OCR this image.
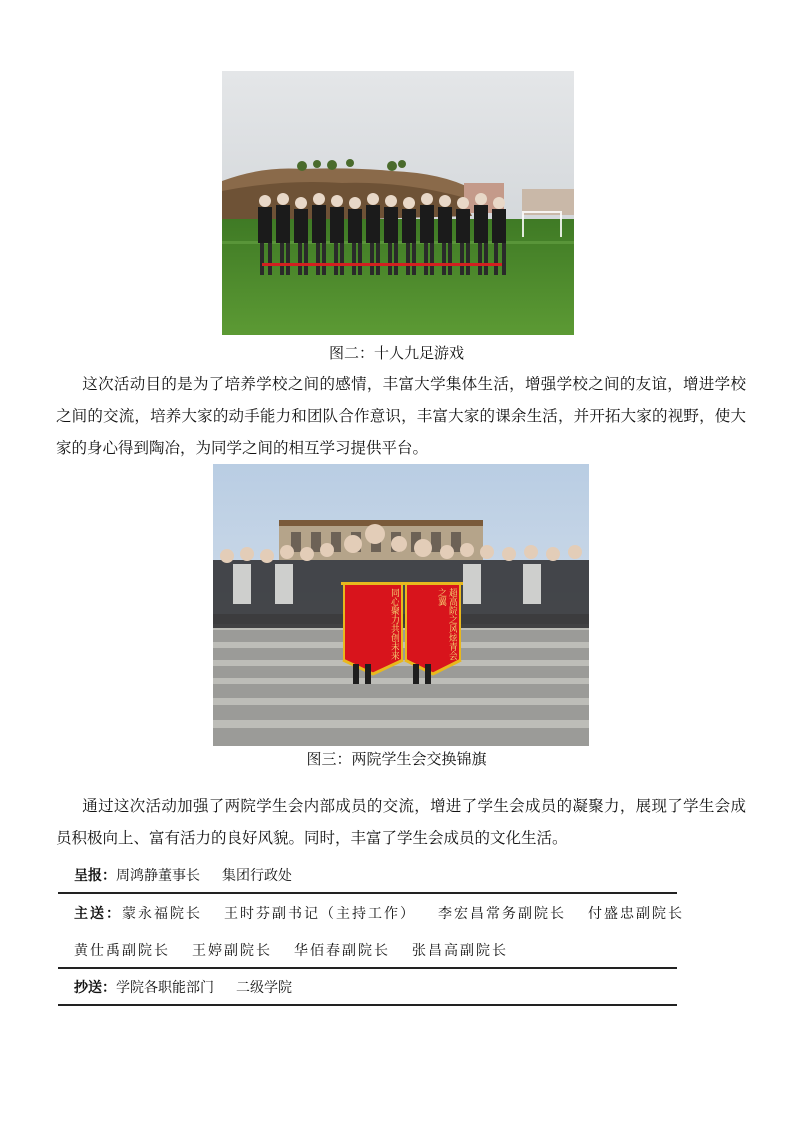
图二：十人九足游戏

这次活动目的是为了培养学校之间的感情，丰富大学集体生活，增强学校之间的友谊，增进学校之间的交流，培养大家的动手能力和团队合作意识，丰富大家的课余生活，并开拓大家的视野，使大家的身心得到陶冶，为同学之间的相互学习提供平台。

同心聚力共创未来	超高院之风炫青会之翼
图三：两院学生会交换锦旗

通过这次活动加强了两院学生会内部成员的交流，增进了学生会成员的凝聚力，展现了学生会成员积极向上、富有活力的良好风貌。同时，丰富了学生会成员的文化生活。

呈报：周鸿静董事长 集团行政处
主送：蒙永福院长 王时芬副书记（主持工作） 李宏昌常务副院长 付盛忠副院长
黄仕禹副院长 王婷副院长 华佰春副院长 张昌高副院长
抄送：学院各职能部门 二级学院
